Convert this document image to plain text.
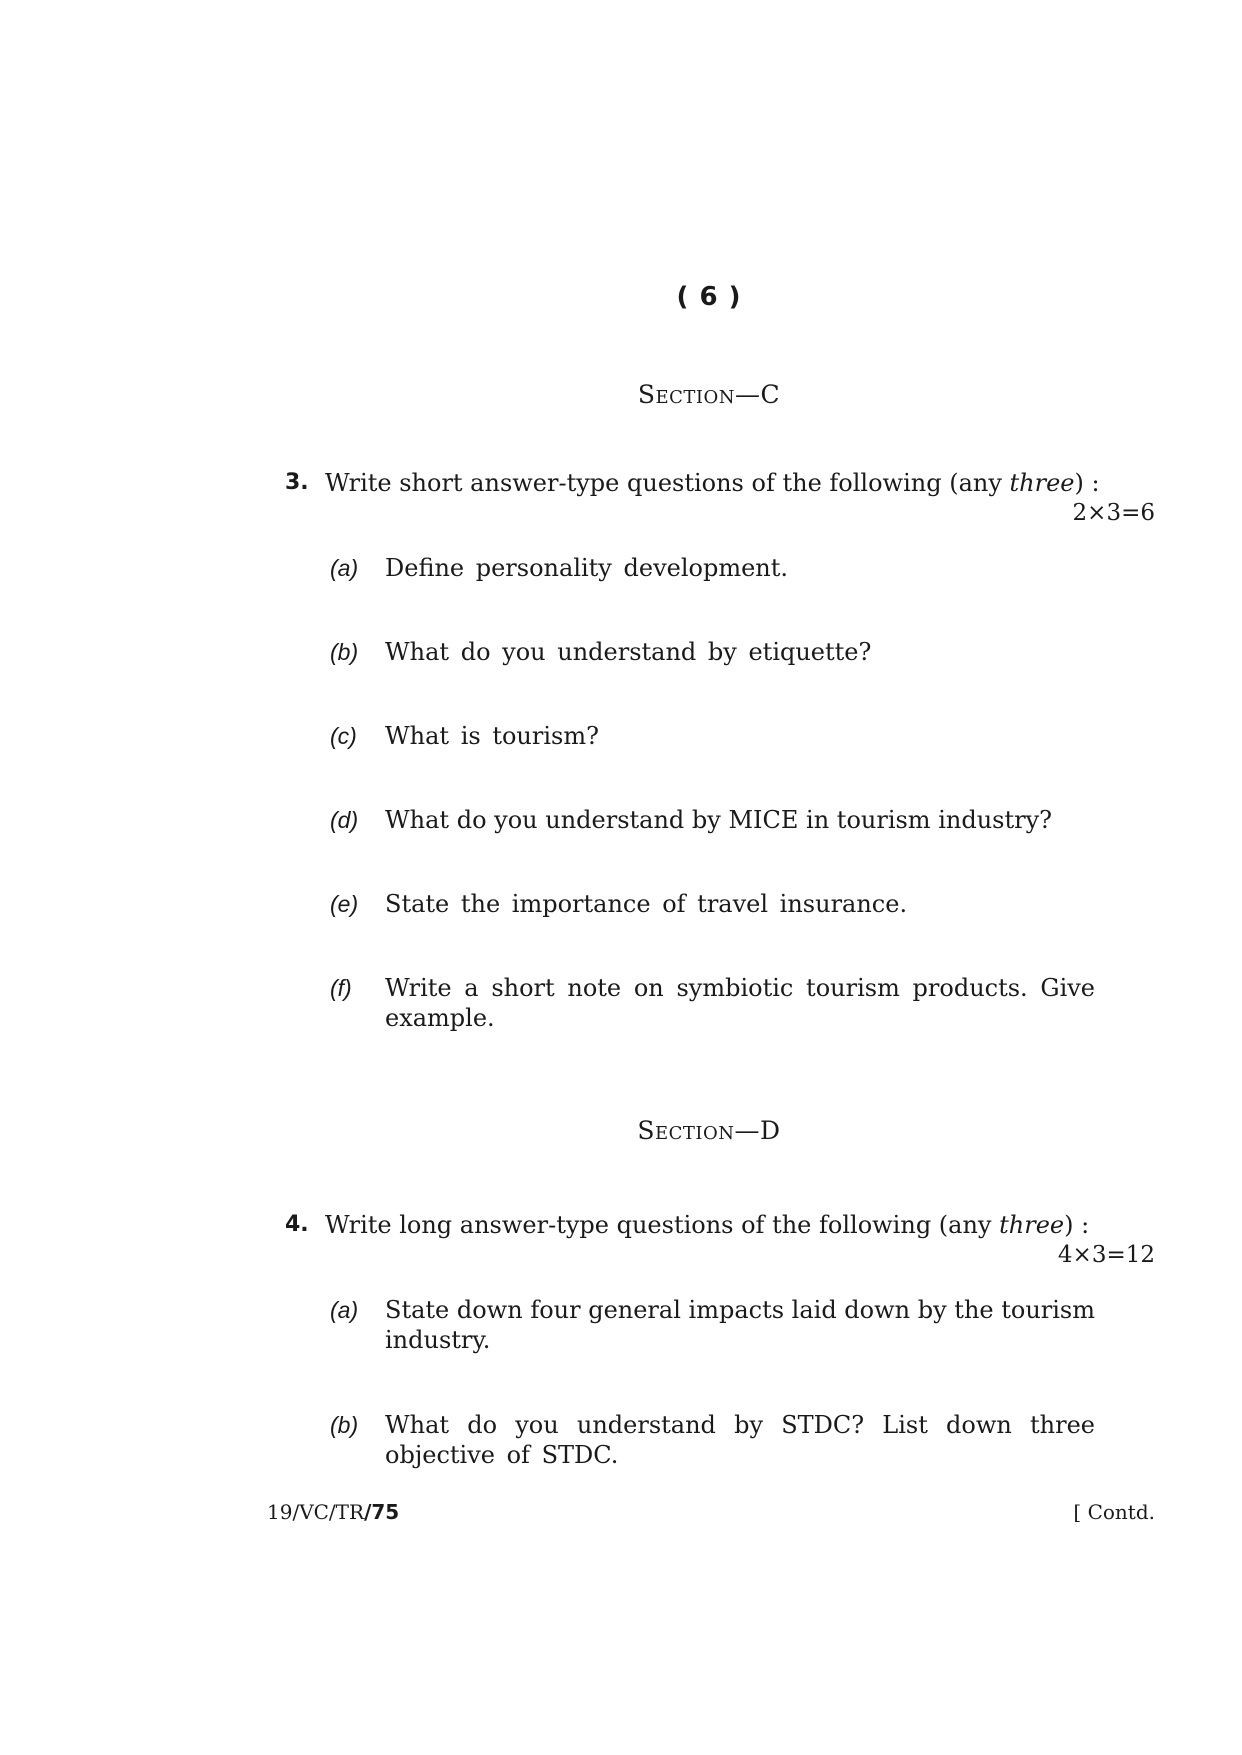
( 6 )
Section—C
3. Write short answer-type questions of the following (any three) :
2×3=6
(a) Define personality development.
(b) What do you understand by etiquette?
(c) What is tourism?
(d) What do you understand by MICE in tourism industry?
(e) State the importance of travel insurance.
(f) Write a short note on symbiotic tourism products. Give example.
Section—D
4. Write long answer-type questions of the following (any three) :
4×3=12
(a) State down four general impacts laid down by the tourism industry.
(b) What do you understand by STDC? List down three objective of STDC.
19/VC/TR/75	[ Contd.
